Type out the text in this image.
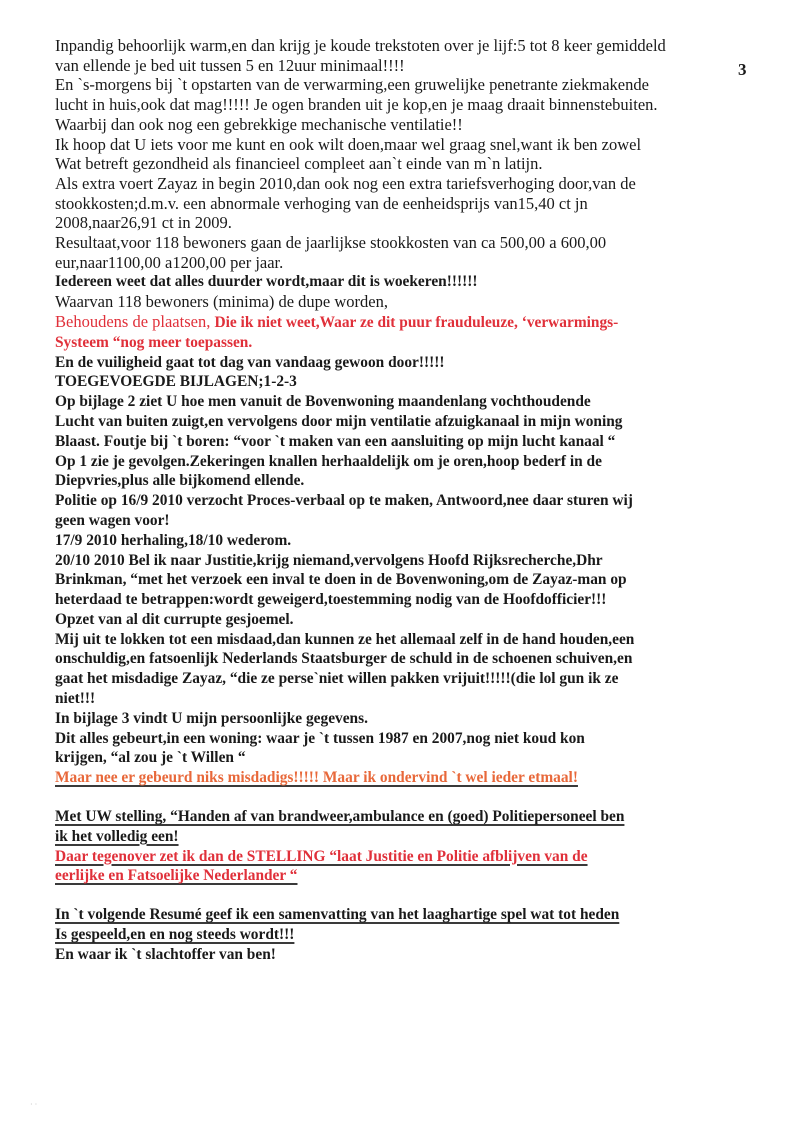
3
Inpandig behoorlijk warm,en dan krijg je koude trekstoten over je lijf:5 tot 8 keer gemiddeld
van ellende je bed uit tussen 5 en 12uur minimaal!!!!
En `s-morgens bij `t opstarten van de verwarming,een gruwelijke penetrante ziekmakende
lucht in huis,ook dat mag!!!!! Je ogen branden uit je kop,en je maag draait binnenstebuiten.
Waarbij dan ook nog een gebrekkige mechanische ventilatie!!
Ik hoop dat U iets voor me kunt en ook wilt doen,maar wel graag snel,want ik ben zowel
Wat betreft gezondheid als financieel compleet aan`t einde van m`n latijn.
Als extra voert Zayaz in begin 2010,dan ook nog een extra tariefsverhoging door,van de
stookkosten;d.m.v. een abnormale verhoging van de eenheidsprijs van15,40 ct jn
2008,naar26,91 ct in 2009.
Resultaat,voor 118 bewoners gaan de jaarlijkse stookkosten van ca 500,00 a 600,00
eur,naar1100,00 a1200,00 per jaar.
Iedereen weet dat alles duurder wordt,maar dit is woekeren!!!!!!
Waarvan 118 bewoners (minima) de dupe worden,
Behoudens de plaatsen, Die ik niet weet,Waar ze dit puur frauduleuze, ‘verwarmings-
Systeem “nog meer toepassen.
En de vuiligheid gaat tot dag van vandaag gewoon door!!!!!
TOEGEVOEGDE BIJLAGEN;1-2-3
Op bijlage 2 ziet U hoe men vanuit de Bovenwoning maandenlang vochthoudende
Lucht van buiten zuigt,en vervolgens door mijn ventilatie afzuigkanaal in mijn woning
Blaast. Foutje bij `t boren: “voor `t maken van een aansluiting op mijn lucht kanaal “
Op 1 zie je gevolgen.Zekeringen knallen herhaaldelijk om je oren,hoop bederf in de
Diepvries,plus alle bijkomend ellende.
Politie op 16/9 2010 verzocht Proces-verbaal op te maken, Antwoord,nee daar sturen wij
geen wagen voor!
17/9 2010 herhaling,18/10 wederom.
20/10 2010 Bel ik naar Justitie,krijg niemand,vervolgens Hoofd Rijksrecherche,Dhr
Brinkman, “met het verzoek een inval te doen in de Bovenwoning,om de Zayaz-man op
heterdaad te betrappen:wordt geweigerd,toestemming nodig van de Hoofdofficier!!!
Opzet van al dit currupte gesjoemel.
Mij uit te lokken tot een misdaad,dan kunnen ze het allemaal zelf in de hand houden,een
onschuldig,en fatsoenlijk Nederlands Staatsburger de schuld in de schoenen schuiven,en
gaat het misdadige Zayaz, “die ze perse`niet willen pakken vrijuit!!!!!(die lol gun ik ze
niet!!!
In bijlage 3 vindt U mijn persoonlijke gegevens.
Dit alles gebeurt,in een woning: waar je `t tussen 1987 en 2007,nog niet koud kon
krijgen, “al zou je `t Willen “
Maar nee er gebeurd niks misdadigs!!!!! Maar ik ondervind `t wel ieder etmaal!
Met UW stelling, “Handen af van brandweer,ambulance en (goed) Politiepersoneel ben
ik het volledig een!
Daar tegenover zet ik dan de STELLING “laat Justitie en Politie afblijven van de
eerlijke en Fatsoelijke Nederlander “
In `t volgende Resumé geef ik een samenvatting van het laaghartige spel wat tot heden
Is gespeeld,en en nog steeds wordt!!!
En waar ik `t slachtoffer van ben!
· ·
